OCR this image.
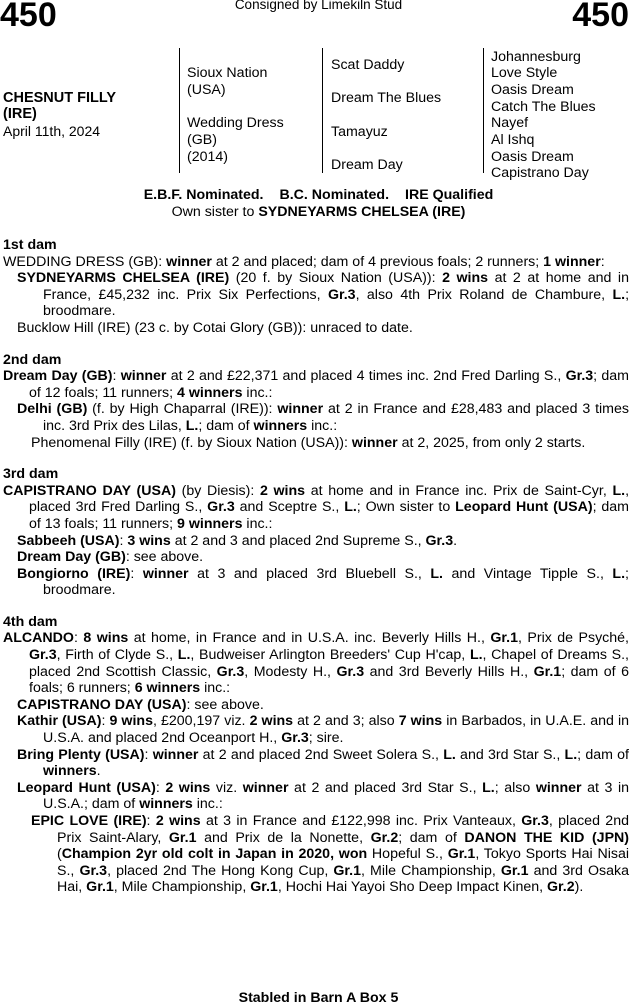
450	Consigned by Limekiln Stud	450
CHESNUT FILLY
(IRE)
April 11th, 2024
Sioux Nation
(USA)
Wedding Dress
(GB)
(2014)
Scat Daddy
Dream The Blues
Tamayuz
Dream Day
Johannesburg
Love Style
Oasis Dream
Catch The Blues
Nayef
Al Ishq
Oasis Dream
Capistrano Day
E.B.F. Nominated. B.C. Nominated. IRE Qualified
Own sister to SYDNEYARMS CHELSEA (IRE)
1st dam
WEDDING DRESS (GB): winner at 2 and placed; dam of 4 previous foals; 2 runners; 1 winner:
SYDNEYARMS CHELSEA (IRE) (20 f. by Sioux Nation (USA)): 2 wins at 2 at home and in France, £45,232 inc. Prix Six Perfections, Gr.3, also 4th Prix Roland de Chambure, L.; broodmare.
Bucklow Hill (IRE) (23 c. by Cotai Glory (GB)): unraced to date.
2nd dam
Dream Day (GB): winner at 2 and £22,371 and placed 4 times inc. 2nd Fred Darling S., Gr.3; dam of 12 foals; 11 runners; 4 winners inc.:
Delhi (GB) (f. by High Chaparral (IRE)): winner at 2 in France and £28,483 and placed 3 times inc. 3rd Prix des Lilas, L.; dam of winners inc.:
Phenomenal Filly (IRE) (f. by Sioux Nation (USA)): winner at 2, 2025, from only 2 starts.
3rd dam
CAPISTRANO DAY (USA) (by Diesis): 2 wins at home and in France inc. Prix de Saint-Cyr, L., placed 3rd Fred Darling S., Gr.3 and Sceptre S., L.; Own sister to Leopard Hunt (USA); dam of 13 foals; 11 runners; 9 winners inc.:
Sabbeeh (USA): 3 wins at 2 and 3 and placed 2nd Supreme S., Gr.3.
Dream Day (GB): see above.
Bongiorno (IRE): winner at 3 and placed 3rd Bluebell S., L. and Vintage Tipple S., L.; broodmare.
4th dam
ALCANDO: 8 wins at home, in France and in U.S.A. inc. Beverly Hills H., Gr.1, Prix de Psyché, Gr.3, Firth of Clyde S., L., Budweiser Arlington Breeders' Cup H'cap, L., Chapel of Dreams S., placed 2nd Scottish Classic, Gr.3, Modesty H., Gr.3 and 3rd Beverly Hills H., Gr.1; dam of 6 foals; 6 runners; 6 winners inc.:
CAPISTRANO DAY (USA): see above.
Kathir (USA): 9 wins, £200,197 viz. 2 wins at 2 and 3; also 7 wins in Barbados, in U.A.E. and in U.S.A. and placed 2nd Oceanport H., Gr.3; sire.
Bring Plenty (USA): winner at 2 and placed 2nd Sweet Solera S., L. and 3rd Star S., L.; dam of winners.
Leopard Hunt (USA): 2 wins viz. winner at 2 and placed 3rd Star S., L.; also winner at 3 in U.S.A.; dam of winners inc.:
EPIC LOVE (IRE): 2 wins at 3 in France and £122,998 inc. Prix Vanteaux, Gr.3, placed 2nd Prix Saint-Alary, Gr.1 and Prix de la Nonette, Gr.2; dam of DANON THE KID (JPN) (Champion 2yr old colt in Japan in 2020, won Hopeful S., Gr.1, Tokyo Sports Hai Nisai S., Gr.3, placed 2nd The Hong Kong Cup, Gr.1, Mile Championship, Gr.1 and 3rd Osaka Hai, Gr.1, Mile Championship, Gr.1, Hochi Hai Yayoi Sho Deep Impact Kinen, Gr.2).
Stabled in Barn A Box 5
